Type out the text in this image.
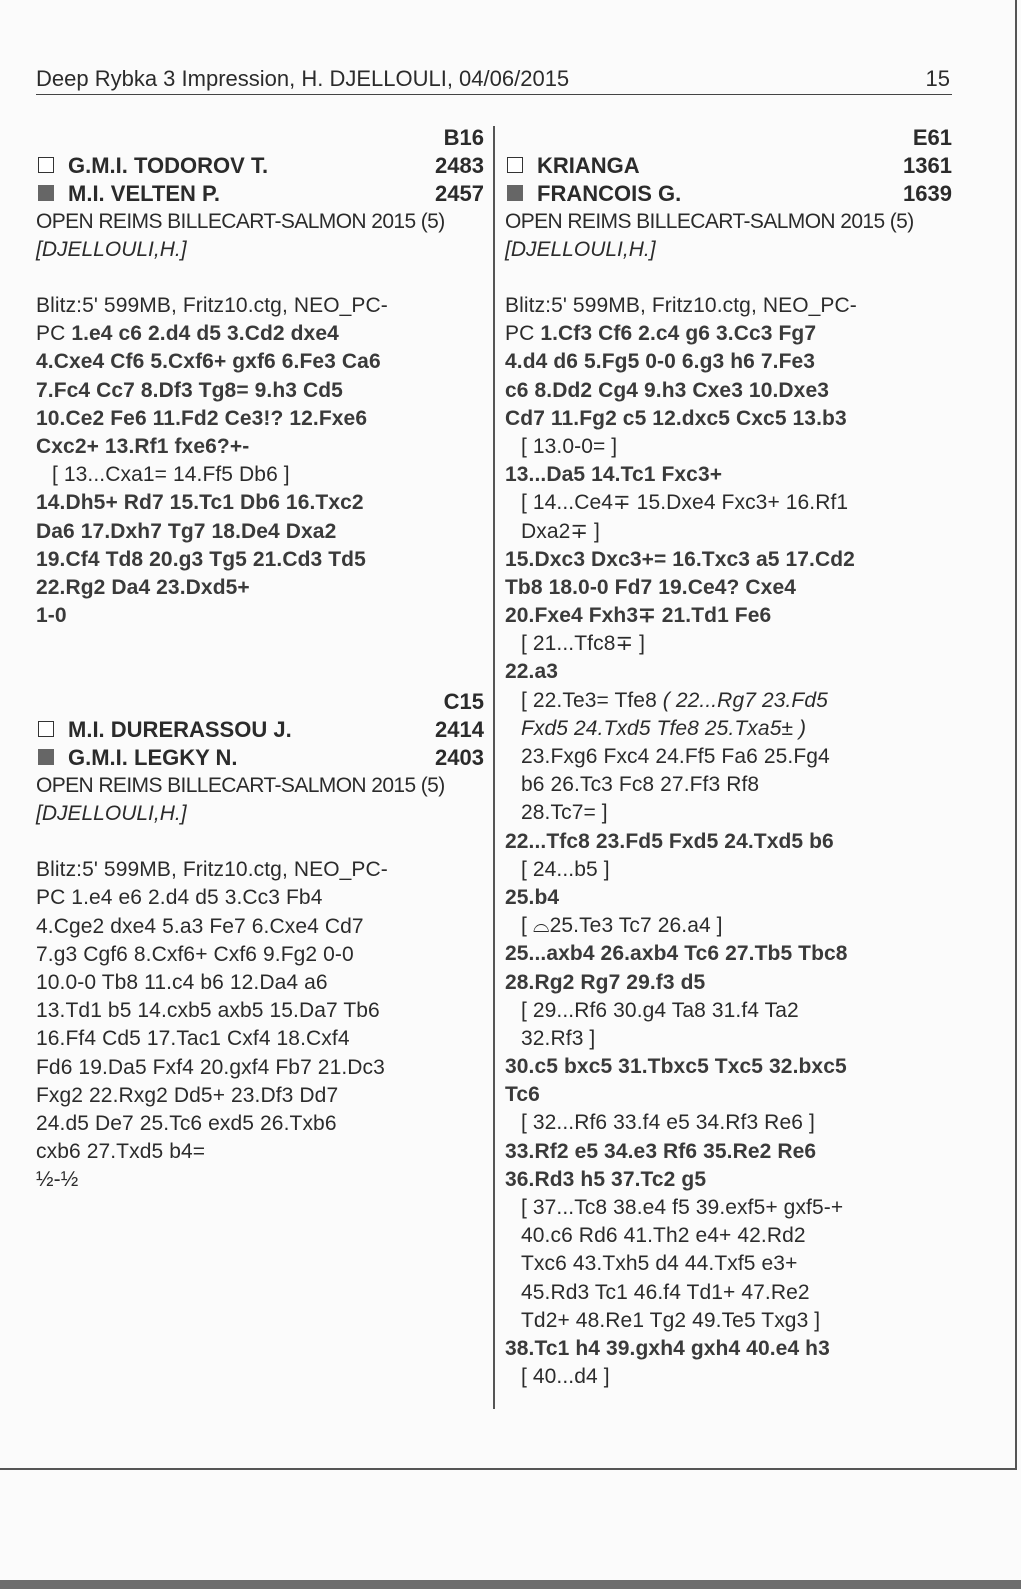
Deep Rybka 3 Impression, H. DJELLOULI, 04/06/2015	15
B16
G.M.I. TODOROV T.	2483
M.I. VELTEN P.	2457
OPEN REIMS BILLECART-SALMON 2015 (5)
[DJELLOULI,H.]
Blitz:5' 599MB, Fritz10.ctg, NEO_PC-
PC 1.e4 c6 2.d4 d5 3.Cd2 dxe4
4.Cxe4 Cf6 5.Cxf6+ gxf6 6.Fe3 Ca6
7.Fc4 Cc7 8.Df3 Tg8= 9.h3 Cd5
10.Ce2 Fe6 11.Fd2 Ce3!? 12.Fxe6
Cxc2+ 13.Rf1 fxe6?+-
[ 13...Cxa1= 14.Ff5 Db6 ]
14.Dh5+ Rd7 15.Tc1 Db6 16.Txc2
Da6 17.Dxh7 Tg7 18.De4 Dxa2
19.Cf4 Td8 20.g3 Tg5 21.Cd3 Td5
22.Rg2 Da4 23.Dxd5+
1-0
C15
M.I. DURERASSOU J.	2414
G.M.I. LEGKY N.	2403
OPEN REIMS BILLECART-SALMON 2015 (5)
[DJELLOULI,H.]
Blitz:5' 599MB, Fritz10.ctg, NEO_PC-
PC 1.e4 e6 2.d4 d5 3.Cc3 Fb4
4.Cge2 dxe4 5.a3 Fe7 6.Cxe4 Cd7
7.g3 Cgf6 8.Cxf6+ Cxf6 9.Fg2 0-0
10.0-0 Tb8 11.c4 b6 12.Da4 a6
13.Td1 b5 14.cxb5 axb5 15.Da7 Tb6
16.Ff4 Cd5 17.Tac1 Cxf4 18.Cxf4
Fd6 19.Da5 Fxf4 20.gxf4 Fb7 21.Dc3
Fxg2 22.Rxg2 Dd5+ 23.Df3 Dd7
24.d5 De7 25.Tc6 exd5 26.Txb6
cxb6 27.Txd5 b4=
½-½
E61
KRIANGA	1361
FRANCOIS G.	1639
OPEN REIMS BILLECART-SALMON 2015 (5)
[DJELLOULI,H.]
Blitz:5' 599MB, Fritz10.ctg, NEO_PC-
PC 1.Cf3 Cf6 2.c4 g6 3.Cc3 Fg7
4.d4 d6 5.Fg5 0-0 6.g3 h6 7.Fe3
c6 8.Dd2 Cg4 9.h3 Cxe3 10.Dxe3
Cd7 11.Fg2 c5 12.dxc5 Cxc5 13.b3
[ 13.0-0= ]
13...Da5 14.Tc1 Fxc3+
[ 14...Ce4∓ 15.Dxe4 Fxc3+ 16.Rf1
Dxa2∓ ]
15.Dxc3 Dxc3+= 16.Txc3 a5 17.Cd2
Tb8 18.0-0 Fd7 19.Ce4? Cxe4
20.Fxe4 Fxh3∓ 21.Td1 Fe6
[ 21...Tfc8∓ ]
22.a3
[ 22.Te3= Tfe8 ( 22...Rg7 23.Fd5
Fxd5 24.Txd5 Tfe8 25.Txa5± )
23.Fxg6 Fxc4 24.Ff5 Fa6 25.Fg4
b6 26.Tc3 Fc8 27.Ff3 Rf8
28.Tc7= ]
22...Tfc8 23.Fd5 Fxd5 24.Txd5 b6
[ 24...b5 ]
25.b4
[ ⌓25.Te3 Tc7 26.a4 ]
25...axb4 26.axb4 Tc6 27.Tb5 Tbc8
28.Rg2 Rg7 29.f3 d5
[ 29...Rf6 30.g4 Ta8 31.f4 Ta2
32.Rf3 ]
30.c5 bxc5 31.Tbxc5 Txc5 32.bxc5
Tc6
[ 32...Rf6 33.f4 e5 34.Rf3 Re6 ]
33.Rf2 e5 34.e3 Rf6 35.Re2 Re6
36.Rd3 h5 37.Tc2 g5
[ 37...Tc8 38.e4 f5 39.exf5+ gxf5-+
40.c6 Rd6 41.Th2 e4+ 42.Rd2
Txc6 43.Txh5 d4 44.Txf5 e3+
45.Rd3 Tc1 46.f4 Td1+ 47.Re2
Td2+ 48.Re1 Tg2 49.Te5 Txg3 ]
38.Tc1 h4 39.gxh4 gxh4 40.e4 h3
[ 40...d4 ]
